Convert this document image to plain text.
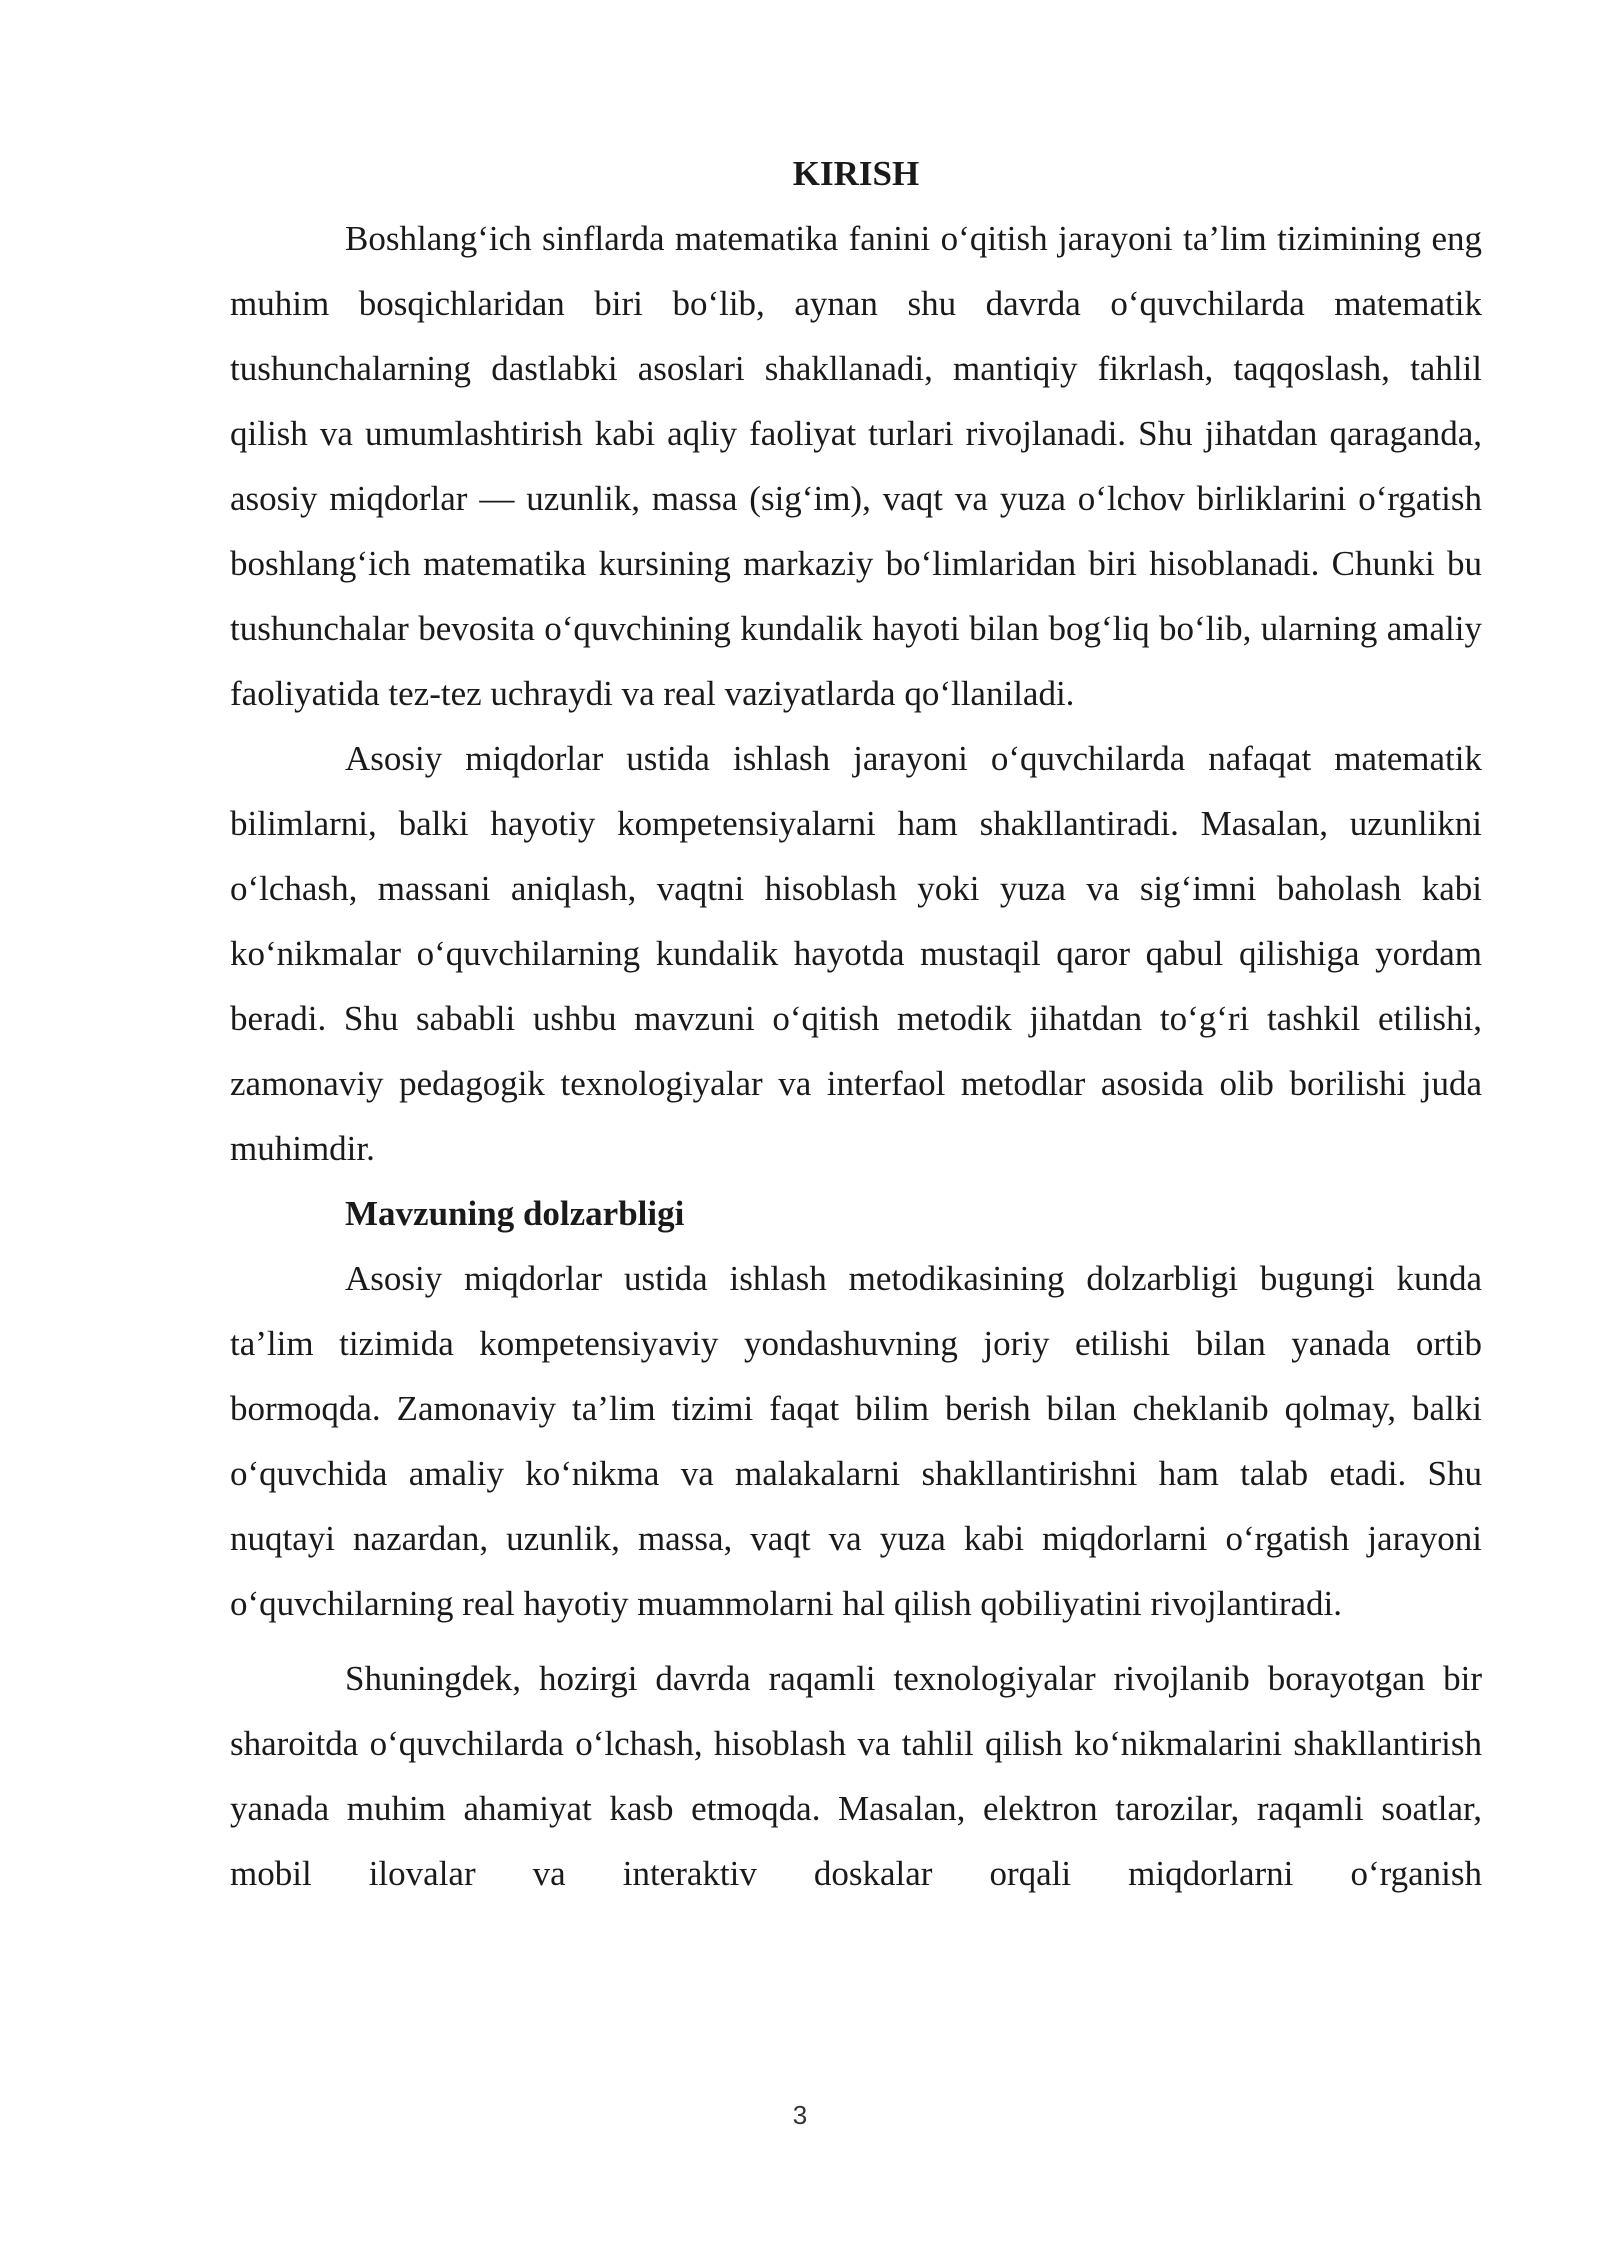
KIRISH

Boshlang‘ich sinflarda matematika fanini o‘qitish jarayoni ta’lim tizimining eng muhim bosqichlaridan biri bo‘lib, aynan shu davrda o‘quvchilarda matematik tushunchalarning dastlabki asoslari shakllanadi, mantiqiy fikrlash, taqqoslash, tahlil qilish va umumlashtirish kabi aqliy faoliyat turlari rivojlanadi. Shu jihatdan qaraganda, asosiy miqdorlar — uzunlik, massa (sig‘im), vaqt va yuza o‘lchov birliklarini o‘rgatish boshlang‘ich matematika kursining markaziy bo‘limlaridan biri hisoblanadi. Chunki bu tushunchalar bevosita o‘quvchining kundalik hayoti bilan bog‘liq bo‘lib, ularning amaliy faoliyatida tez-tez uchraydi va real vaziyatlarda qo‘llaniladi.

Asosiy miqdorlar ustida ishlash jarayoni o‘quvchilarda nafaqat matematik bilimlarni, balki hayotiy kompetensiyalarni ham shakllantiradi. Masalan, uzunlikni o‘lchash, massani aniqlash, vaqtni hisoblash yoki yuza va sig‘imni baholash kabi ko‘nikmalar o‘quvchilarning kundalik hayotda mustaqil qaror qabul qilishiga yordam beradi. Shu sababli ushbu mavzuni o‘qitish metodik jihatdan to‘g‘ri tashkil etilishi, zamonaviy pedagogik texnologiyalar va interfaol metodlar asosida olib borilishi juda muhimdir.

Mavzuning dolzarbligi

Asosiy miqdorlar ustida ishlash metodikasining dolzarbligi bugungi kunda ta’lim tizimida kompetensiyaviy yondashuvning joriy etilishi bilan yanada ortib bormoqda. Zamonaviy ta’lim tizimi faqat bilim berish bilan cheklanib qolmay, balki o‘quvchida amaliy ko‘nikma va malakalarni shakllantirishni ham talab etadi. Shu nuqtayi nazardan, uzunlik, massa, vaqt va yuza kabi miqdorlarni o‘rgatish jarayoni o‘quvchilarning real hayotiy muammolarni hal qilish qobiliyatini rivojlantiradi.

Shuningdek, hozirgi davrda raqamli texnologiyalar rivojlanib borayotgan bir sharoitda o‘quvchilarda o‘lchash, hisoblash va tahlil qilish ko‘nikmalarini shakllantirish yanada muhim ahamiyat kasb etmoqda. Masalan, elektron tarozilar, raqamli soatlar, mobil ilovalar va interaktiv doskalar orqali miqdorlarni o‘rganish

3
